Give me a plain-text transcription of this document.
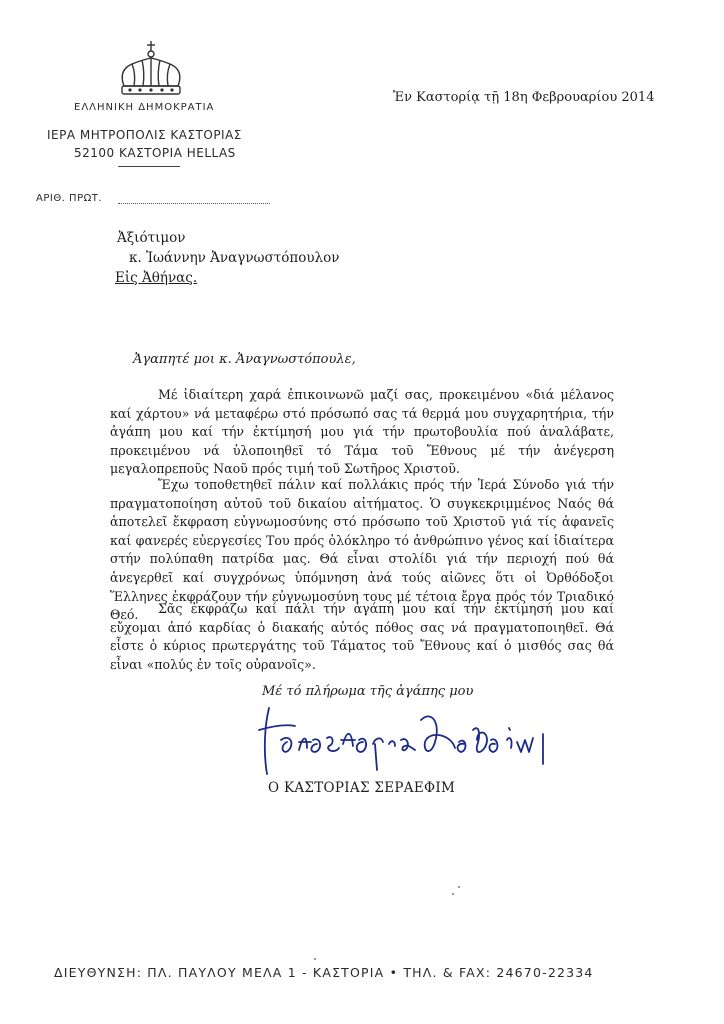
ΕΛΛΗΝΙΚΗ ΔΗΜΟΚΡΑΤΙΑ
ΙΕΡΑ ΜΗΤΡΟΠΟΛΙΣ ΚΑΣΤΟΡΙΑΣ
52100 ΚΑΣΤΟΡΙΑ HELLAS
ΑΡΙΘ. ΠΡΩΤ.
Ἐν Καστορίᾳ τῇ 18η Φεβρουαρίου 2014
Ἀξιότιμον
κ. Ἰωάννην Ἀναγνωστόπουλον
Εἰς Ἀθήνας.
Ἀγαπητέ μοι κ. Ἀναγνωστόπουλε,
Μέ ἰδιαίτερη χαρά ἐπικοινωνῶ μαζί σας, προκειμένου «διά μέλανος καί χάρτου» νά μεταφέρω στό πρόσωπό σας τά θερμά μου συγχαρητήρια, τήν ἀγάπη μου καί τήν ἐκτίμησή μου γιά τήν πρωτοβουλία πού ἀναλάβατε, προκειμένου νά ὑλοποιηθεῖ τό Τάμα τοῦ Ἔθνους μέ τήν ἀνέγερση μεγαλοπρεποῦς Ναοῦ πρός τιμή τοῦ Σωτῆρος Χριστοῦ.
Ἔχω τοποθετηθεῖ πάλιν καί πολλάκις πρός τήν Ἱερά Σύνοδο γιά τήν πραγματοποίηση αὐτοῦ τοῦ δικαίου αἰτήματος. Ὁ συγκεκριμμένος Ναός θά ἀποτελεῖ ἔκφραση εὐγνωμοσύνης στό πρόσωπο τοῦ Χριστοῦ γιά τίς ἀφανεῖς καί φανερές εὐεργεσίες Του πρός ὁλόκληρο τό ἀνθρώπινο γένος καί ἰδιαίτερα στήν πολύπαθη πατρίδα μας. Θά εἶναι στολίδι γιά τήν περιοχή πού θά ἀνεγερθεῖ καί συγχρόνως ὑπόμνηση ἀνά τούς αἰῶνες ὅτι οἱ Ὀρθόδοξοι Ἕλληνες ἐκφράζουν τήν εὐγνωμοσύνη τους μέ τέτοια ἔργα πρός τόν Τριαδικό Θεό.	Σᾶς ἐκφράζω καί πάλι τήν ἀγάπη μου καί τήν ἐκτίμησή μου καί εὔχομαι ἀπό καρδίας ὁ διακαής αὐτός πόθος σας νά πραγματοποιηθεῖ. Θά εἶστε ὁ κύριος πρωτεργάτης τοῦ Τάματος τοῦ Ἔθνους καί ὁ μισθός σας θά εἶναι «πολύς ἐν τοῖς οὐρανοῖς».
Μέ τό πλήρωμα τῆς ἀγάπης μου
Ο ΚΑΣΤΟΡΙΑΣ ΣΕΡΑΕΦΙΜ
ΔΙΕΥΘΥΝΣΗ: ΠΛ. ΠΑΥΛΟΥ ΜΕΛΑ 1 - ΚΑΣΤΟΡΙΑ • ΤΗΛ. & FAX: 24670-22334
